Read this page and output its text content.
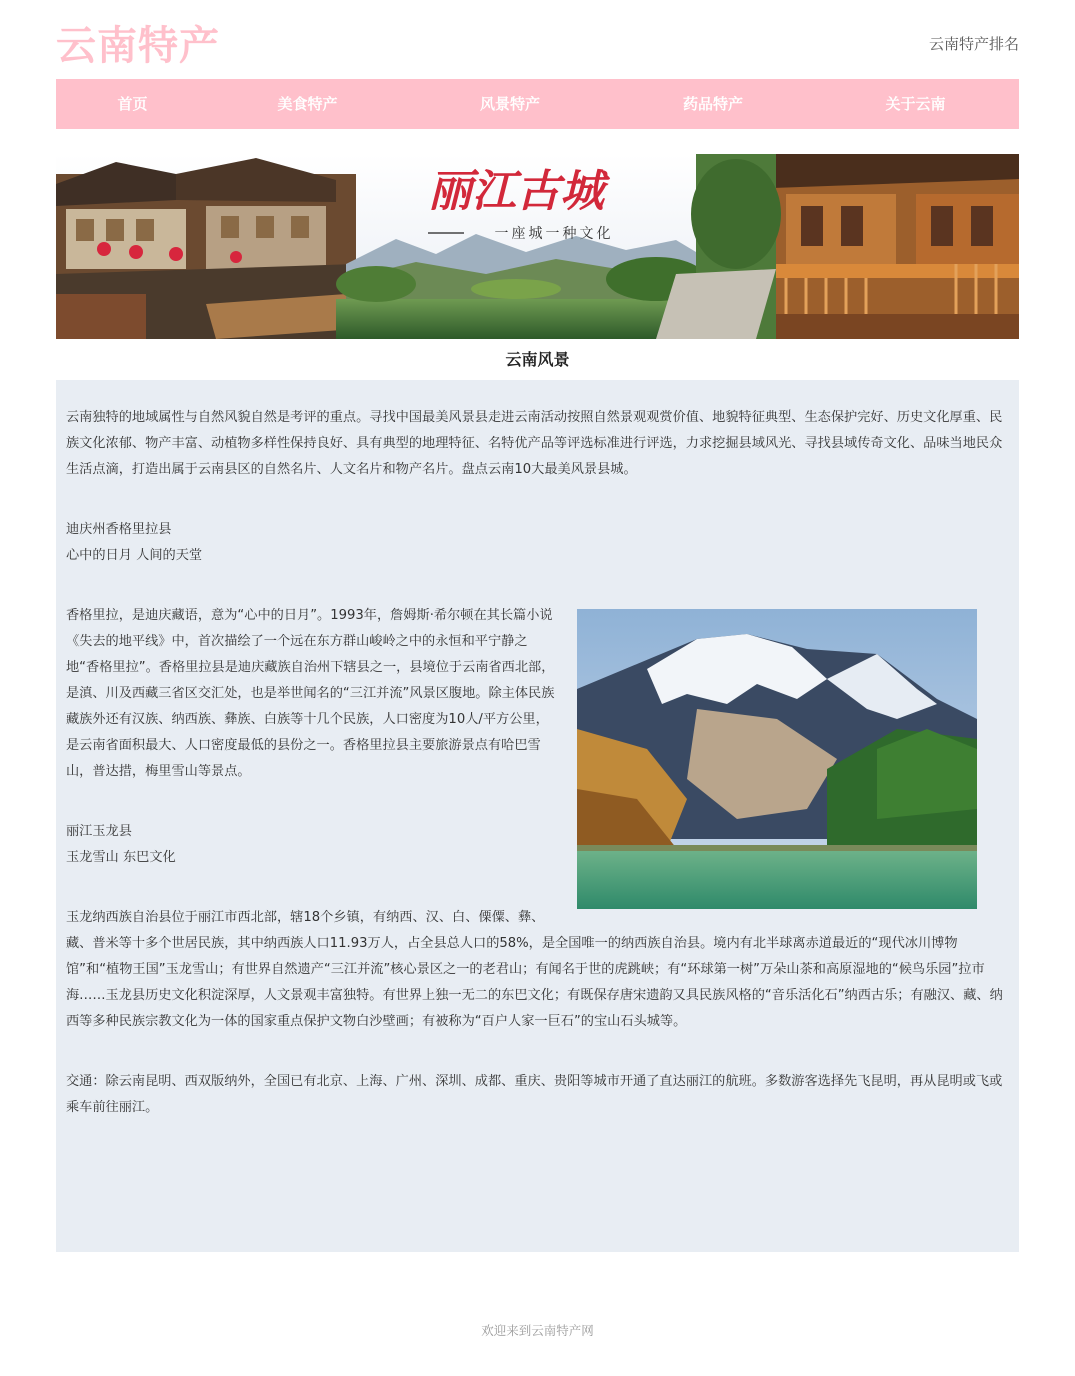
云南特产	云南特产排名
首页	美食特产	风景特产	药品特产	关于云南
丽江古城
一座城一种文化
云南风景

云南独特的地域属性与自然风貌自然是考评的重点。寻找中国最美风景县走进云南活动按照自然景观观赏价值、地貌特征典型、生态保护完好、历史文化厚重、民族文化浓郁、物产丰富、动植物多样性保持良好、具有典型的地理特征、名特优产品等评选标准进行评选，力求挖掘县域风光、寻找县域传奇文化、品味当地民众生活点滴，打造出属于云南县区的自然名片、人文名片和物产名片。盘点云南10大最美风景县城。

迪庆州香格里拉县

心中的日月 人间的天堂

香格里拉，是迪庆藏语，意为“心中的日月”。1993年，詹姆斯·希尔顿在其长篇小说《失去的地平线》中，首次描绘了一个远在东方群山峻岭之中的永恒和平宁静之地“香格里拉”。香格里拉县是迪庆藏族自治州下辖县之一，县境位于云南省西北部，是滇、川及西藏三省区交汇处，也是举世闻名的“三江并流”风景区腹地。除主体民族藏族外还有汉族、纳西族、彝族、白族等十几个民族，人口密度为10人/平方公里，是云南省面积最大、人口密度最低的县份之一。香格里拉县主要旅游景点有哈巴雪山，普达措，梅里雪山等景点。

丽江玉龙县

玉龙雪山 东巴文化

玉龙纳西族自治县位于丽江市西北部，辖18个乡镇，有纳西、汉、白、傈僳、彝、藏、普米等十多个世居民族，其中纳西族人口11.93万人，占全县总人口的58%，是全国唯一的纳西族自治县。境内有北半球离赤道最近的“现代冰川博物馆”和“植物王国”玉龙雪山；有世界自然遗产“三江并流”核心景区之一的老君山；有闻名于世的虎跳峡；有“环球第一树”万朵山茶和高原湿地的“候鸟乐园”拉市海……玉龙县历史文化积淀深厚，人文景观丰富独特。有世界上独一无二的东巴文化；有既保存唐宋遗韵又具民族风格的“音乐活化石”纳西古乐；有融汉、藏、纳西等多种民族宗教文化为一体的国家重点保护文物白沙壁画；有被称为“百户人家一巨石”的宝山石头城等。

交通：除云南昆明、西双版纳外，全国已有北京、上海、广州、深圳、成都、重庆、贵阳等城市开通了直达丽江的航班。多数游客选择先飞昆明，再从昆明或飞或乘车前往丽江。

欢迎来到云南特产网
